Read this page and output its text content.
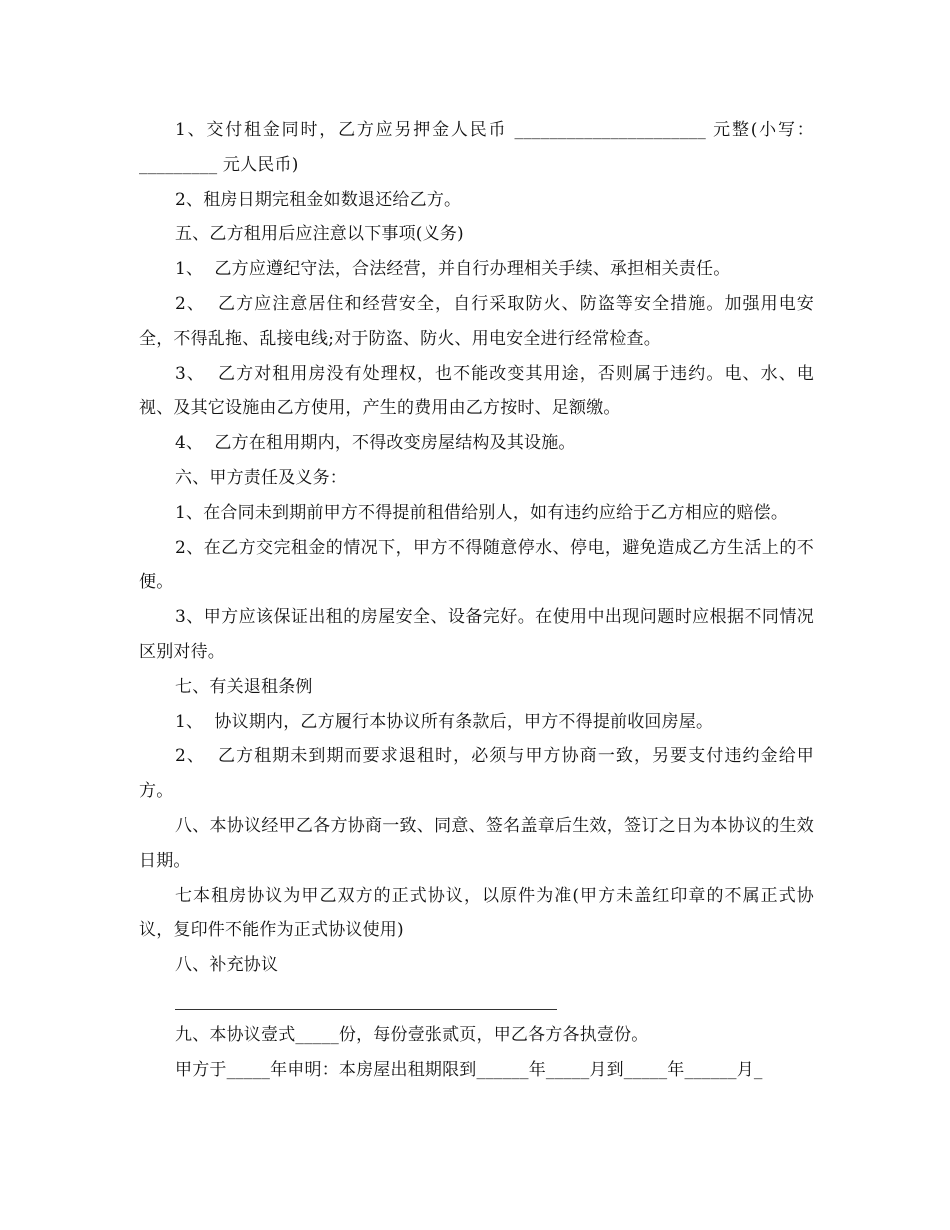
1、交付租金同时，乙方应另押金人民币 ______________________ 元整(小写：_________ 元人民币)

2、租房日期完租金如数退还给乙方。

五、乙方租用后应注意以下事项(义务)

1、  乙方应遵纪守法，合法经营，并自行办理相关手续、承担相关责任。

2、  乙方应注意居住和经营安全，自行采取防火、防盗等安全措施。加强用电安全，不得乱拖、乱接电线;对于防盗、防火、用电安全进行经常检查。

3、  乙方对租用房没有处理权，也不能改变其用途，否则属于违约。电、水、电视、及其它设施由乙方使用，产生的费用由乙方按时、足额缴。

4、  乙方在租用期内，不得改变房屋结构及其设施。

六、甲方责任及义务：

1、在合同未到期前甲方不得提前租借给别人，如有违约应给于乙方相应的赔偿。

2、在乙方交完租金的情况下，甲方不得随意停水、停电，避免造成乙方生活上的不便。

3、甲方应该保证出租的房屋安全、设备完好。在使用中出现问题时应根据不同情况区别对待。

七、有关退租条例

1、  协议期内，乙方履行本协议所有条款后，甲方不得提前收回房屋。

2、  乙方租期未到期而要求退租时，必须与甲方协商一致，另要支付违约金给甲方。

八、本协议经甲乙各方协商一致、同意、签名盖章后生效，签订之日为本协议的生效日期。

七本租房协议为甲乙双方的正式协议，以原件为准(甲方未盖红印章的不属正式协议，复印件不能作为正式协议使用)

八、补充协议

九、本协议壹式_____份，每份壹张贰页，甲乙各方各执壹份。

甲方于_____年申明：本房屋出租期限到______年_____月到_____年______月_
